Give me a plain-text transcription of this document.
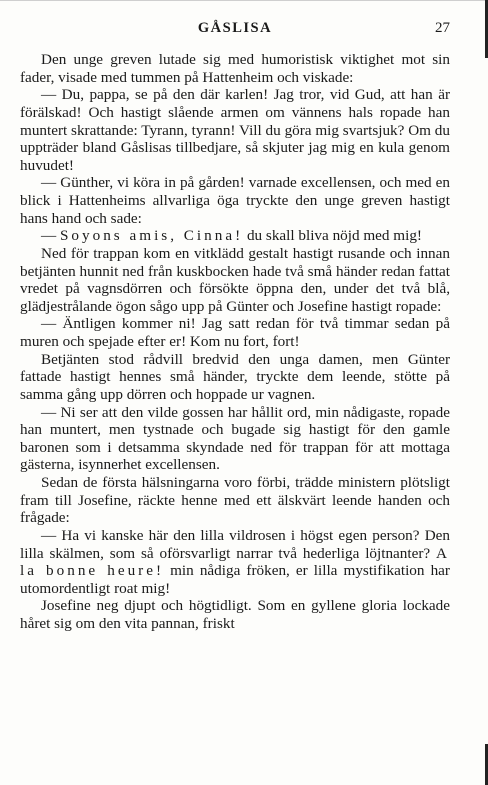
GÅSLISA	27

Den unge greven lutade sig med humoristisk viktighet mot sin fader, visade med tummen på Hattenheim och viskade:

— Du, pappa, se på den där karlen! Jag tror, vid Gud, att han är förälskad! Och hastigt slående armen om vännens hals ropade han muntert skrattande: Tyrann, tyrann! Vill du göra mig svartsjuk? Om du uppträder bland Gåslisas tillbedjare, så skjuter jag mig en kula genom huvudet!

— Günther, vi köra in på gården! varnade excellensen, och med en blick i Hattenheims allvarliga öga tryckte den unge greven hastigt hans hand och sade:

— Soyons amis, Cinna! du skall bliva nöjd med mig!

Ned för trappan kom en vitklädd gestalt hastigt rusande och innan betjänten hunnit ned från kuskbocken hade två små händer redan fattat vredet på vagnsdörren och försökte öppna den, under det två blå, glädjestrålande ögon sågo upp på Günter och Josefine hastigt ropade:

— Äntligen kommer ni! Jag satt redan för två timmar sedan på muren och spejade efter er! Kom nu fort, fort!

Betjänten stod rådvill bredvid den unga damen, men Günter fattade hastigt hennes små händer, tryckte dem leende, stötte på samma gång upp dörren och hoppade ur vagnen.

— Ni ser att den vilde gossen har hållit ord, min nådigaste, ropade han muntert, men tystnade och bugade sig hastigt för den gamle baronen som i detsamma skyndade ned för trappan för att mottaga gästerna, isynnerhet excellensen.

Sedan de första hälsningarna voro förbi, trädde ministern plötsligt fram till Josefine, räckte henne med ett älskvärt leende handen och frågade:

— Ha vi kanske här den lilla vildrosen i högst egen person? Den lilla skälmen, som så oförsvarligt narrar två hederliga löjtnanter? A la bonne heure! min nådiga fröken, er lilla mystifikation har utomordentligt roat mig!

Josefine neg djupt och högtidligt. Som en gyllene gloria lockade håret sig om den vita pannan, friskt
